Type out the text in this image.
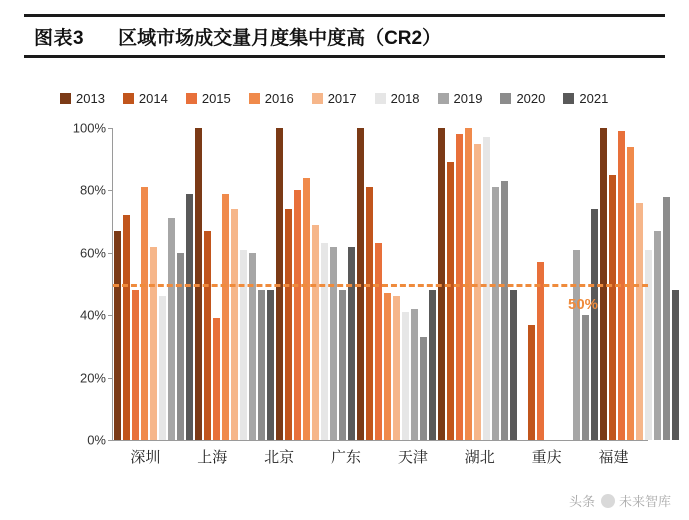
图表3 区域市场成交量月度集中度高（CR2）
2013	2014	2015	2016	2017	2018	2019	2020	2021
50%
0%
20%
40%
60%
80%
100%
深圳	上海	北京	广东	天津	湖北	重庆	福建
头条 未来智库
